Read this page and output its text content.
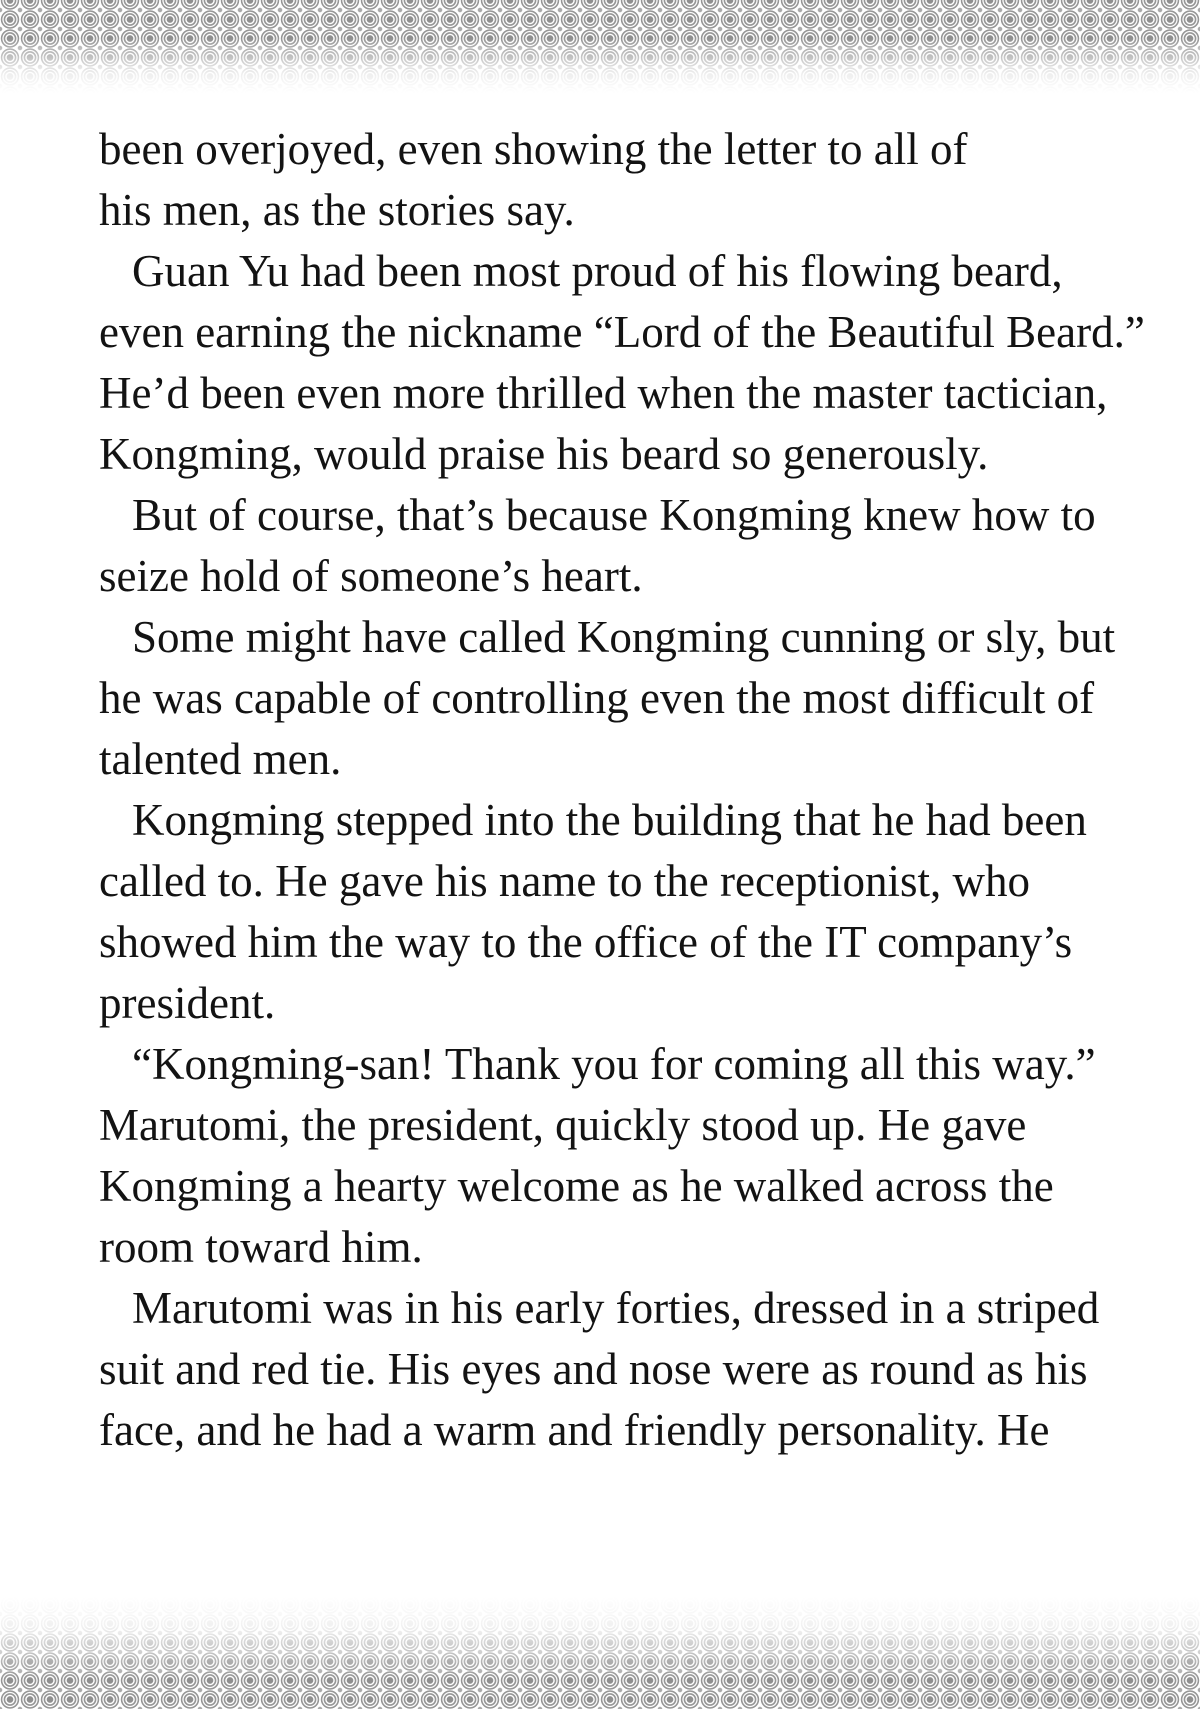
been overjoyed, even showing the letter to all of
his men, as the stories say.

Guan Yu had been most proud of his flowing beard,
even earning the nickname “Lord of the Beautiful Beard.”
He’d been even more thrilled when the master tactician,
Kongming, would praise his beard so generously.

But of course, that’s because Kongming knew how to
seize hold of someone’s heart.

Some might have called Kongming cunning or sly, but
he was capable of controlling even the most difficult of
talented men.

Kongming stepped into the building that he had been
called to. He gave his name to the receptionist, who
showed him the way to the office of the IT company’s
president.

“Kongming-san! Thank you for coming all this way.”
Marutomi, the president, quickly stood up. He gave
Kongming a hearty welcome as he walked across the
room toward him.

Marutomi was in his early forties, dressed in a striped
suit and red tie. His eyes and nose were as round as his
face, and he had a warm and friendly personality. He
